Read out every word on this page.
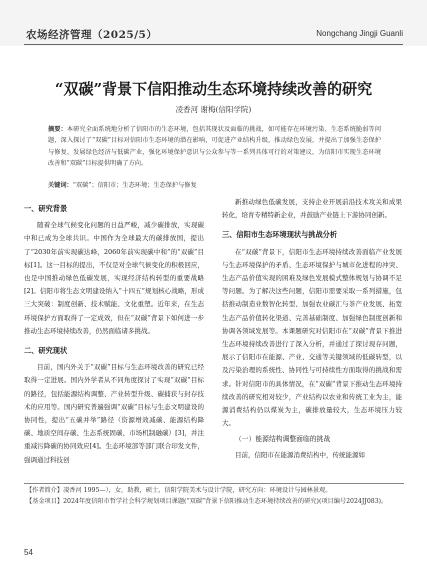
农场经济管理（2025/5）	Nongchang Jingji Guanli
“双碳”背景下信阳推动生态环境持续改善的研究
凌香河 谢梅(信阳学院)
摘要：本研究全面系统地分析了信阳市的生态环境，包括其现状及面临的挑战，如可能存在环境污染、生态系统脆弱等问题，深入探讨了“双碳”目标对信阳市生态环境的潜在影响，可促进产业结构升级，推动绿色发展，并提出了加强生态保护与修复、发展绿色经济与低碳产业，强化环境保护意识与公众参与等一系列具体可行的对策建议，为信阳市实现生态环境改善和“双碳”目标提供明确了方向。
关键词：“双碳”；信阳市；生态环境；生态保护与修复
一、研究背景

随着全球气候变化问题的日益严峻，减少碳排放，实现碳中和已成为全球共识。中国作为全球最大的碳排放国，提出了“2030年前实现碳达峰，2060年前实现碳中和”的“双碳”目标[1]。这一目标的提出，不仅是对全球气候变化的积极回应，也是中国推动绿色低碳发展，实现经济结构转型的重要战略[2]。信阳市将生态文明建设纳入“十四五”规划核心战略，形成三大突破：制度创新、技术赋能、文化重塑。近年来，在生态环境保护方面取得了一定成效，但在“双碳”背景下如何进一步推动生态环境持续改善，仍然面临诸多挑战。

二、研究现状

目前，国内外关于“双碳”目标与生态环境改善的研究已经取得一定进展。国内外学者从不同角度探讨了实现“双碳”目标的路径，包括能源结构调整、产业转型升级、碳捕获与封存技术的应用等。国内研究普遍强调“双碳”目标与生态文明建设的协同性，提出“五碳并举”路径（资源增效减碳、能源结构降碳、地质空间存碳、生态系统固碳、市场机制融碳）[3]，并注重减污降碳的协同效应[4]。生态环境部等部门联合印发文件，强调通过科技创

新推动绿色低碳发展，支持企业开展前沿技术攻关和成果转化，培育专精特新企业，并鼓励产业链上下游协同创新。

三、信阳市生态环境现状与挑战分析

在“双碳”背景下，信阳市生态环境持续改善面临产业发展与生态环境保护的矛盾、生态环境保护与城市化进程的冲突、生态产品价值实现的困难及绿色发展模式整体规划与协调不足等问题。为了解决这些问题，信阳市需要采取一系列措施，包括推动制造业数智化转型、加强农业碳汇与茶产业发展、拓宽生态产品价值转化渠道、完善基础制度、加强绿色制度创新和协调各领域发展等。本课题研究对信阳市在“双碳”背景下推进生态环境持续改善进行了深入分析，并通过了探讨现存问题，展示了信阳市在能源、产业、交通等关键领域的低碳转型，以及污染治理的系统性、协同性与可持续性方面取得的挑战和需求。针对信阳市的具体情况，在“双碳”背景下推动生态环境持续改善的研究相对较少，产业结构以农业和传统工业为主，能源消费结构仍以煤炭为主，碳排放量较大，生态环境压力较大。

（一）能源结构调整面临的挑战

目前，信阳市在能源消费结构中，传统能源如

【作者简介】凌香河 1995—），女，助教，硕士，信阳学院美术与设计学院，研究方向：环境设计与园林景观。
【基金项目】2024年度信阳市哲学社会科学规划项目课题(“双碳”背景下信阳推动生态环境持续改善的研究)(项目编号2024JJ083)。
54
